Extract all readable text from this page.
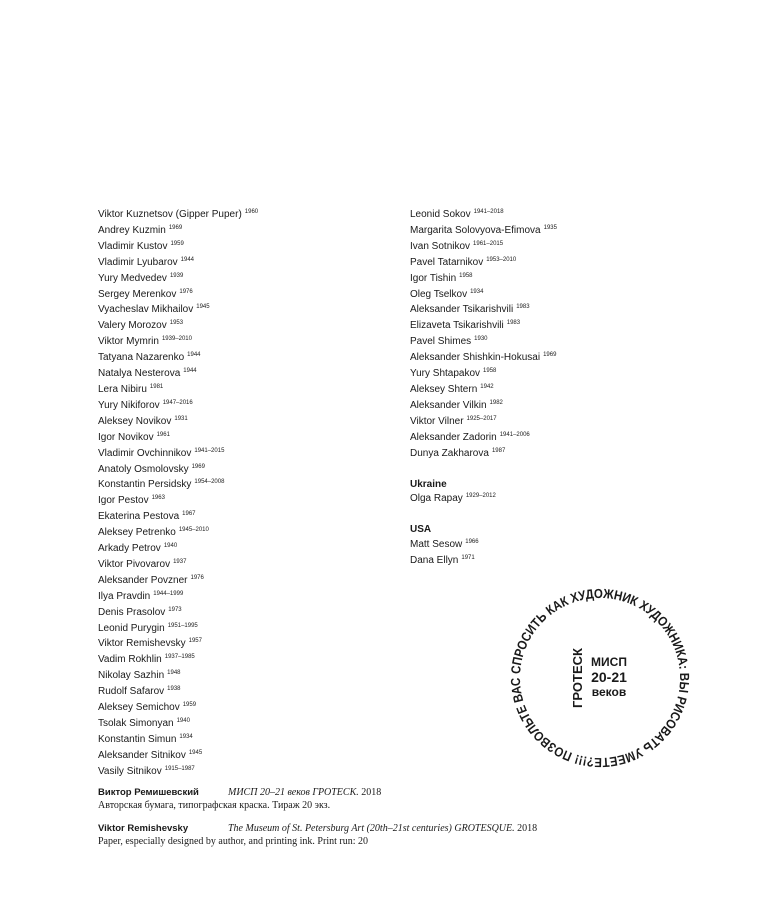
Viktor Kuznetsov (Gipper Puper) $^{1960}$
Andrey Kuzmin $^{1969}$
Vladimir Kustov $^{1959}$
Vladimir Lyubarov $^{1944}$
Yury Medvedev $^{1939}$
Sergey Merenkov $^{1976}$
Vyacheslav Mikhailov $^{1945}$
Valery Morozov $^{1953}$
Viktor Mymrin $^{1939-2010}$
Tatyana Nazarenko $^{1944}$
Natalya Nesterova $^{1944}$
Lera Nibiru $^{1981}$
Yury Nikiforov $^{1947-2016}$
Aleksey Novikov $^{1931}$
Igor Novikov $^{1961}$
Vladimir Ovchinnikov $^{1941-2015}$
Anatoly Osmolovsky $^{1969}$
Konstantin Persidsky $^{1954-2008}$
Igor Pestov $^{1963}$
Ekaterina Pestova $^{1967}$
Aleksey Petrenko $^{1945-2010}$
Arkady Petrov $^{1940}$
Viktor Pivovarov $^{1937}$
Aleksander Povzner $^{1976}$
Ilya Pravdin $^{1944-1999}$
Denis Prasolov $^{1973}$
Leonid Purygin $^{1951-1995}$
Viktor Remishevsky $^{1957}$
Vadim Rokhlin $^{1937-1985}$
Nikolay Sazhin $^{1948}$
Rudolf Safarov $^{1938}$
Aleksey Semichov $^{1959}$
Tsolak Simonyan $^{1940}$
Konstantin Simun $^{1934}$
Aleksander Sitnikov $^{1945}$
Vasily Sitnikov $^{1915-1987}$
Leonid Sokov $^{1941-2018}$
Margarita Solovyova-Efimova $^{1935}$
Ivan Sotnikov $^{1961-2015}$
Pavel Tatarnikov $^{1953-2010}$
Igor Tishin $^{1958}$
Oleg Tselkov $^{1934}$
Aleksander Tsikarishvili $^{1983}$
Elizaveta Tsikarishvili $^{1983}$
Pavel Shimes $^{1930}$
Aleksander Shishkin-Hokusai $^{1969}$
Yury Shtapakov $^{1958}$
Aleksey Shtern $^{1942}$
Aleksander Vilkin $^{1982}$
Viktor Vilner $^{1925-2017}$
Aleksander Zadorin $^{1941-2006}$
Dunya Zakharova $^{1987}$
Ukraine
Olga Rapay $^{1929-2012}$
USA
Matt Sesow $^{1966}$
Dana Ellyn $^{1971}$
ПОЗВОЛЬТЕ ВАС СПРОСИТЬ КАК ХУДОЖНИК ХУДОЖНИКА: ВЫ РИСОВАТЬ УМЕЕТЕ?!!!
ГРОТЕСК МИСП
20-21
веков
Виктор Ремишевский	МИСП 20–21 веков ГРОТЕСК. 2018
Авторская бумага, типографская краска. Тираж 20 экз.
Viktor Remishevsky	The Museum of St. Petersburg Art (20th–21st centuries) GROTESQUE. 2018
Paper, especially designed by author, and printing ink. Print run: 20
